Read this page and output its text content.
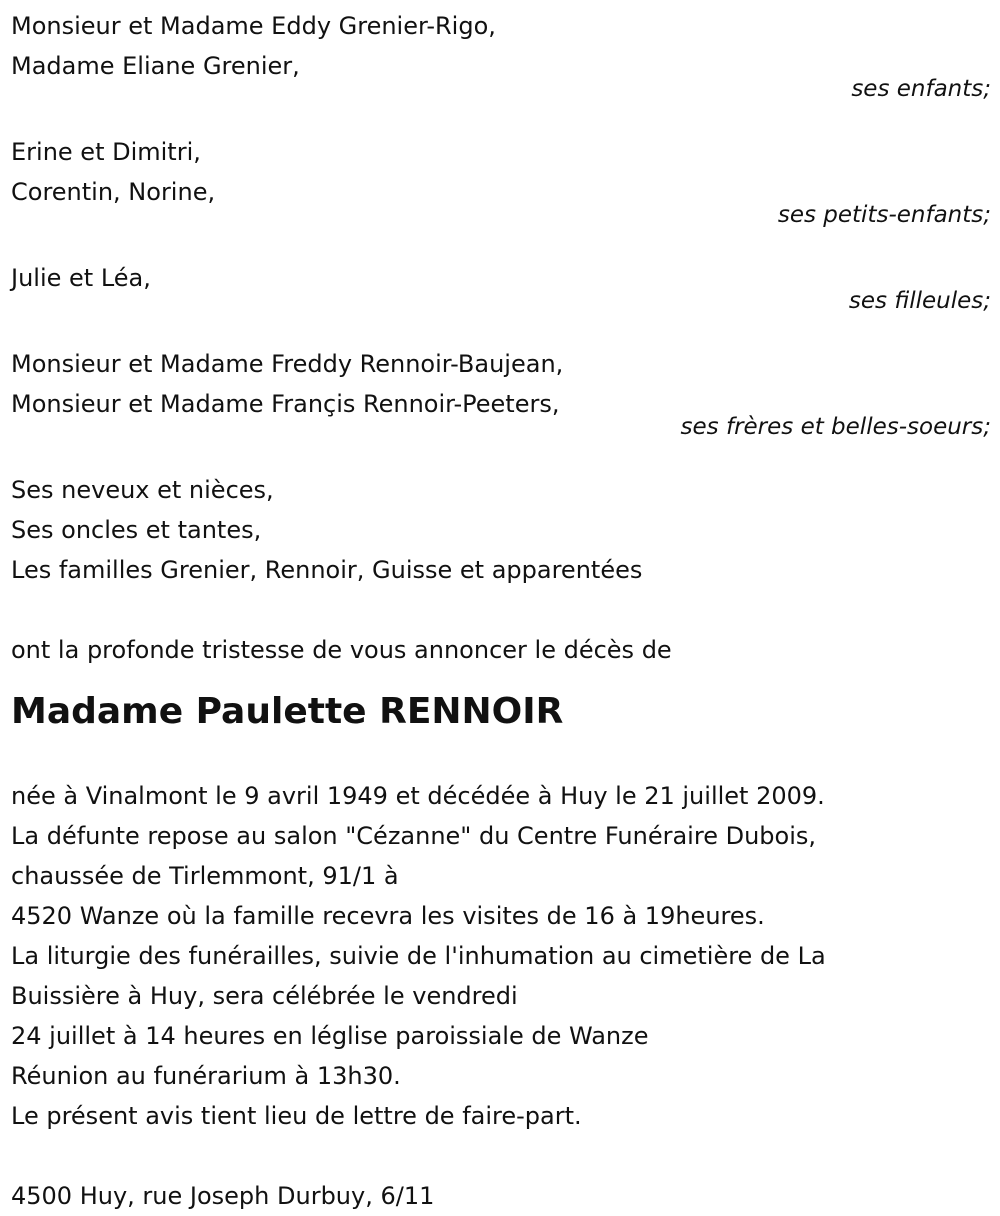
Monsieur et Madame Eddy Grenier-Rigo,
Madame Eliane Grenier,
ses enfants;
Erine et Dimitri,
Corentin, Norine,
ses petits-enfants;
Julie et Léa,
ses filleules;
Monsieur et Madame Freddy Rennoir-Baujean,
Monsieur et Madame Françis Rennoir-Peeters,
ses frères et belles-soeurs;
Ses neveux et nièces,
Ses oncles et tantes,
Les familles Grenier, Rennoir, Guisse et apparentées
ont la profonde tristesse de vous annoncer le décès de
Madame Paulette RENNOIR
née à Vinalmont le 9 avril 1949 et décédée à Huy le 21 juillet 2009.
La défunte repose au salon "Cézanne" du Centre Funéraire Dubois,
chaussée de Tirlemmont, 91/1 à
4520 Wanze où la famille recevra les visites de 16 à 19heures.
La liturgie des funérailles, suivie de l'inhumation au cimetière de La
Buissière à Huy, sera célébrée le vendredi
24 juillet à 14 heures en léglise paroissiale de Wanze
Réunion au funérarium à 13h30.
Le présent avis tient lieu de lettre de faire-part.
4500 Huy, rue Joseph Durbuy, 6/11
